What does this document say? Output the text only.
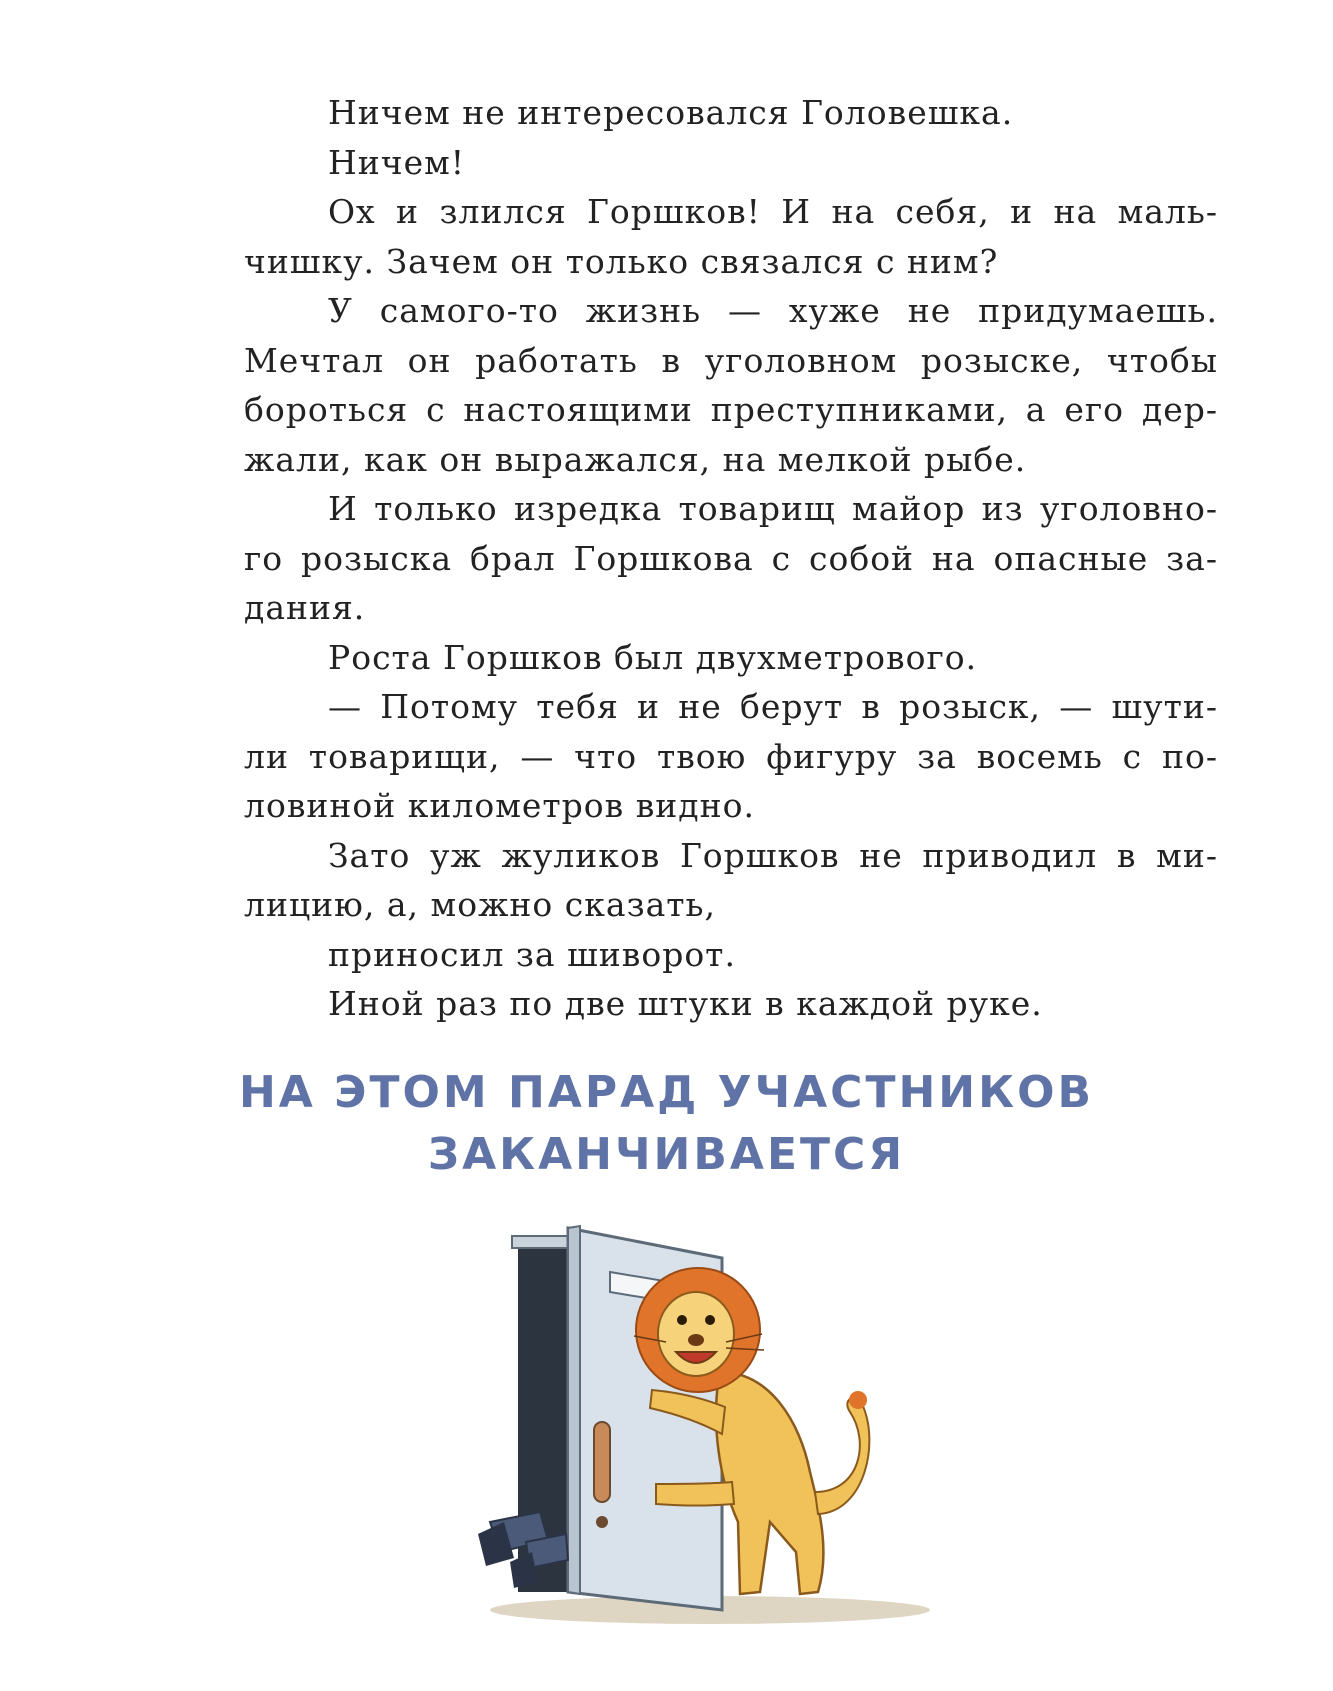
Ничем не интересовался Головешка.
Ничем!
Ох и злился Горшков! И на себя, и на маль-
чишку. Зачем он только связался с ним?
У самого-то жизнь — хуже не придумаешь.
Мечтал он работать в уголовном розыске, чтобы
бороться с настоящими преступниками, а его дер-
жали, как он выражался, на мелкой рыбе.
И только изредка товарищ майор из уголовно-
го розыска брал Горшкова с собой на опасные за-
дания.
Роста Горшков был двухметрового.
— Потому тебя и не берут в розыск, — шути-
ли товарищи, — что твою фигуру за восемь с по-
ловиной километров видно.
Зато уж жуликов Горшков не приводил в ми-
лицию, а, можно сказать,
приносил за шиворот.
Иной раз по две штуки в каждой руке.
НА ЭТОМ ПАРАД УЧАСТНИКОВ
ЗАКАНЧИВАЕТСЯ
